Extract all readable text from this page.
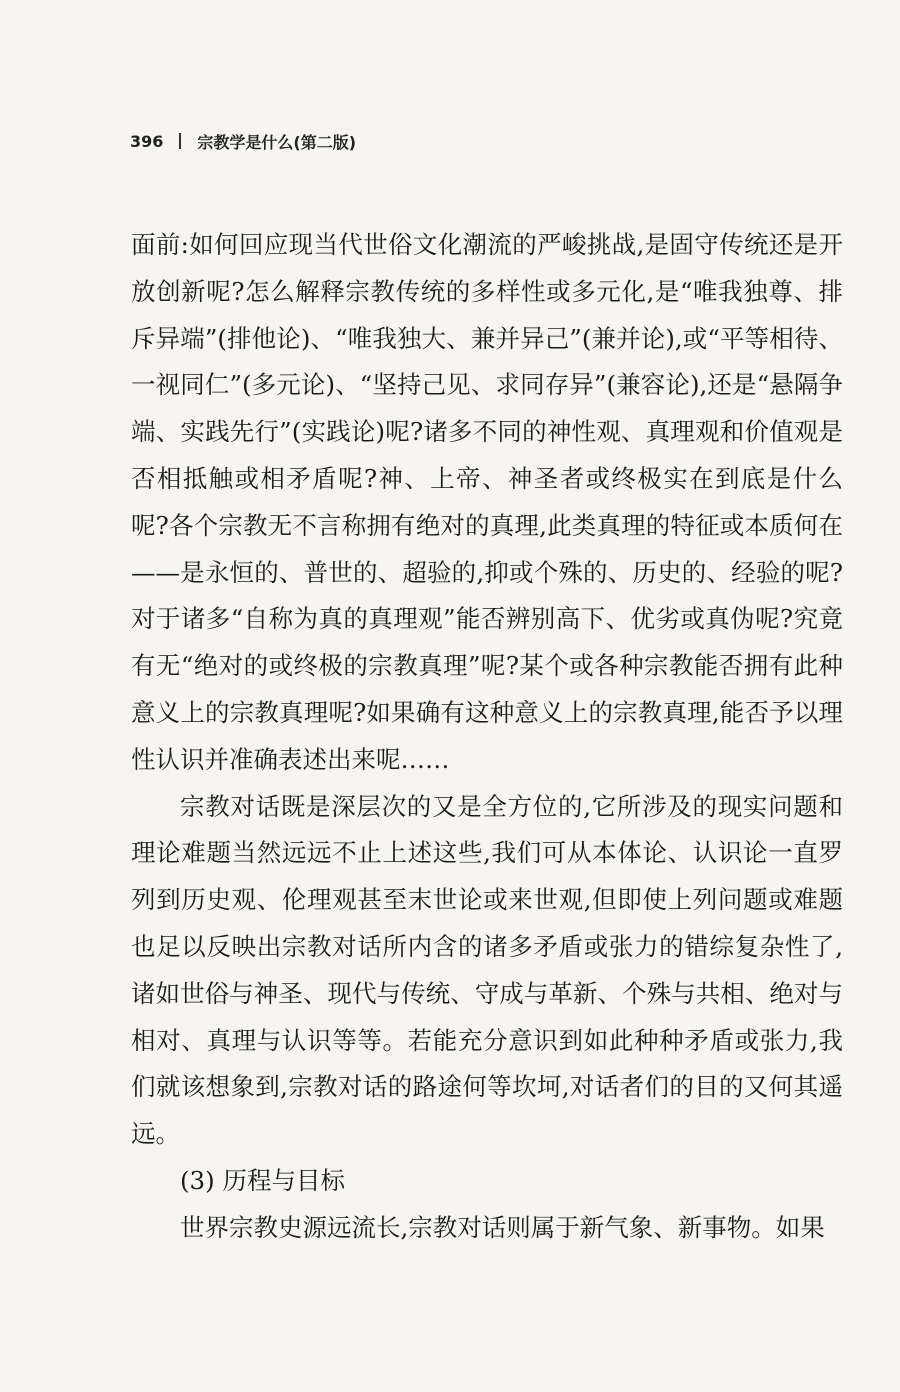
396 宗教学是什么(第二版)

面前:如何回应现当代世俗文化潮流的严峻挑战,是固守传统还是开放创新呢?怎么解释宗教传统的多样性或多元化,是“唯我独尊、排斥异端”(排他论)、“唯我独大、兼并异己”(兼并论),或“平等相待、一视同仁”(多元论)、“坚持己见、求同存异”(兼容论),还是“悬隔争端、实践先行”(实践论)呢?诸多不同的神性观、真理观和价值观是否相抵触或相矛盾呢?神、上帝、神圣者或终极实在到底是什么呢?各个宗教无不言称拥有绝对的真理,此类真理的特征或本质何在——是永恒的、普世的、超验的,抑或个殊的、历史的、经验的呢?对于诸多“自称为真的真理观”能否辨别高下、优劣或真伪呢?究竟有无“绝对的或终极的宗教真理”呢?某个或各种宗教能否拥有此种意义上的宗教真理呢?如果确有这种意义上的宗教真理,能否予以理性认识并准确表述出来呢……

宗教对话既是深层次的又是全方位的,它所涉及的现实问题和理论难题当然远远不止上述这些,我们可从本体论、认识论一直罗列到历史观、伦理观甚至末世论或来世观,但即使上列问题或难题也足以反映出宗教对话所内含的诸多矛盾或张力的错综复杂性了,诸如世俗与神圣、现代与传统、守成与革新、个殊与共相、绝对与相对、真理与认识等等。若能充分意识到如此种种矛盾或张力,我们就该想象到,宗教对话的路途何等坎坷,对话者们的目的又何其遥远。

(3) 历程与目标

世界宗教史源远流长,宗教对话则属于新气象、新事物。如果
